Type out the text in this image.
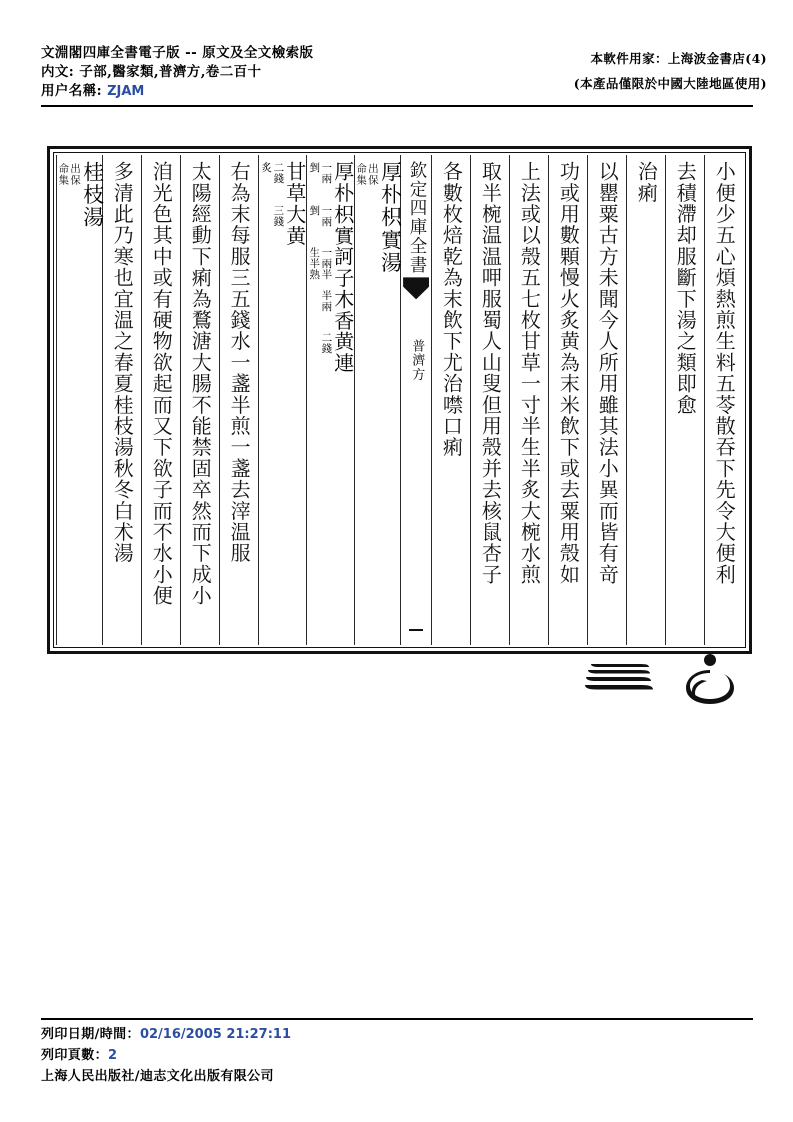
文淵閣四庫全書電子版 -- 原文及全文檢索版
内文: 子部,醫家類,普濟方,卷二百十
用户名稱: ZJAM
本軟件用家：上海波金書店(4)
(本產品僅限於中國大陸地區使用)
小便少五心煩熱煎生料五苓散吞下先令大便利
去積滯却服斷下湯之類即愈
治痢
以罌粟古方未聞今人所用雖其法小異而皆有竒
功或用數顆慢火炙黄為末米飲下或去粟用殼如
上法或以殼五七枚甘草一寸半生半炙大椀水煎
取半椀温温呷服蜀人山叟但用殼并去核鼠杏子
各數枚焙乾為末飲下尤治噤口痢
欽定四庫全書
普濟方
厚朴枳實湯
出保
命集
厚朴
一兩
剉
枳實
一兩
剉
訶子
一兩半
生半熟
木香
半兩
黄連
二錢
甘草
二錢
炙
大黄
三錢
右為末每服三五錢水一盞半煎一盞去滓温服
太陽經動下痢為鶩溏大腸不能禁固卒然而下成小
洎光色其中或有硬物欲起而又下欲子而不水小便
多清此乃寒也宜温之春夏桂枝湯秋冬白术湯
桂枝湯
出保
命集
列印日期/時間：02/16/2005 21:27:11
列印頁數：2
上海人民出版社/迪志文化出版有限公司
